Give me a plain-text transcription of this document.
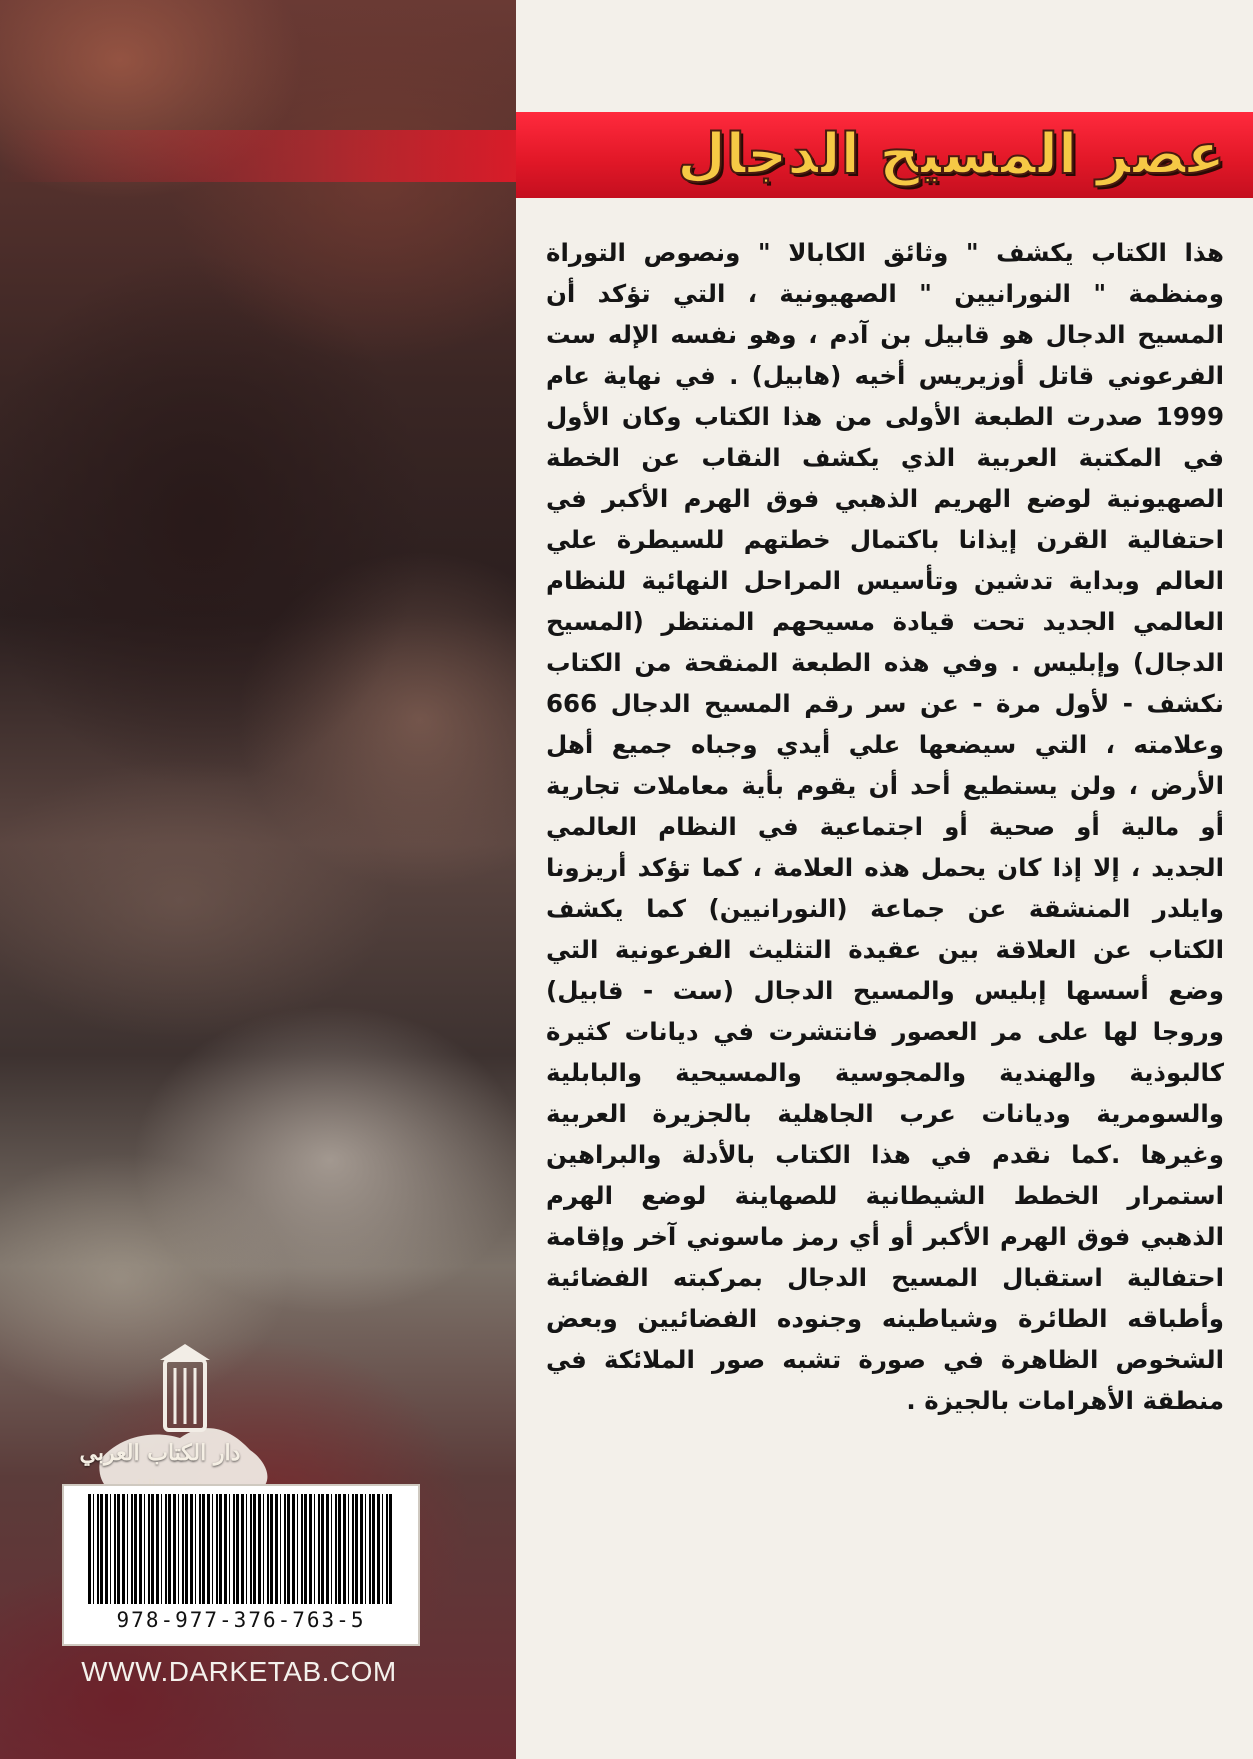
دار الكتاب العربي
978-977-376-763-5
WWW.DARKETAB.COM
عصر المسيح الدجال
هذا الكتاب يكشف " وثائق الكابالا " ونصوص التوراة
ومنظمة " النورانيين " الصهيونية ، التي تؤكد أن
المسيح الدجال هو قابيل بن آدم ، وهو نفسه الإله ست
الفرعوني قاتل أوزيريس أخيه (هابيل) . في نهاية عام
1999 صدرت الطبعة الأولى من هذا الكتاب وكان الأول
في المكتبة العربية الذي يكشف النقاب عن الخطة
الصهيونية لوضع الهريم الذهبي فوق الهرم الأكبر في
احتفالية القرن إيذانا باكتمال خطتهم للسيطرة علي
العالم وبداية تدشين وتأسيس المراحل النهائية للنظام
العالمي الجديد تحت قيادة مسيحهم المنتظر (المسيح
الدجال) وإبليس . وفي هذه الطبعة المنقحة من الكتاب
نكشف - لأول مرة - عن سر رقم المسيح الدجال 666
وعلامته ، التي سيضعها علي أيدي وجباه جميع أهل
الأرض ، ولن يستطيع أحد أن يقوم بأية معاملات تجارية
أو مالية أو صحية أو اجتماعية في النظام العالمي
الجديد ، إلا إذا كان يحمل هذه العلامة ، كما تؤكد أريزونا
وايلدر المنشقة عن جماعة (النورانيين) كما يكشف
الكتاب عن العلاقة بين عقيدة التثليث الفرعونية التي
وضع أسسها إبليس والمسيح الدجال (ست - قابيل)
وروجا لها على مر العصور فانتشرت في ديانات كثيرة
كالبوذية والهندية والمجوسية والمسيحية والبابلية
والسومرية وديانات عرب الجاهلية بالجزيرة العربية
وغيرها .كما نقدم في هذا الكتاب بالأدلة والبراهين
استمرار الخطط الشيطانية للصهاينة لوضع الهرم
الذهبي فوق الهرم الأكبر أو أي رمز ماسوني آخر وإقامة
احتفالية استقبال المسيح الدجال بمركبته الفضائية
وأطباقه الطائرة وشياطينه وجنوده الفضائيين وبعض
الشخوص الظاهرة في صورة تشبه صور الملائكة في
منطقة الأهرامات بالجيزة .
